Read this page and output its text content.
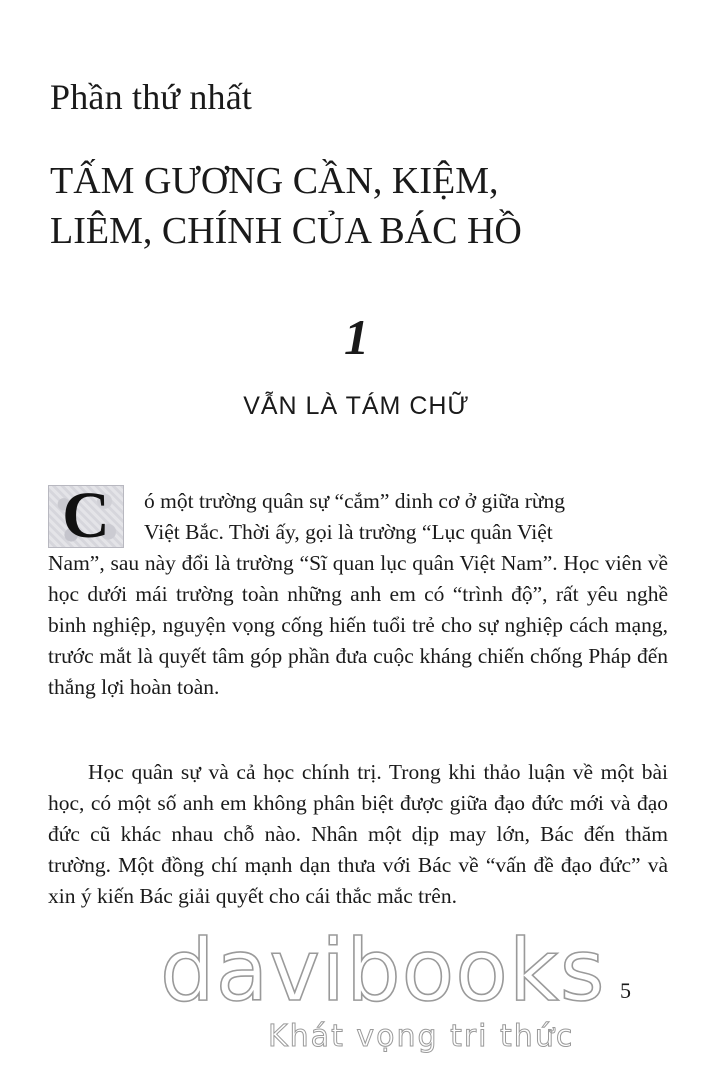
Phần thứ nhất
TẤM GƯƠNG CẦN, KIỆM,
LIÊM, CHÍNH CỦA BÁC HỒ
1
VẪN LÀ TÁM CHỮ
C	ó một trường quân sự “cắm” dinh cơ ở giữa rừng

Việt Bắc. Thời ấy, gọi là trường “Lục quân Việt

Nam”, sau này đổi là trường “Sĩ quan lục quân Việt Nam”. Học viên về học dưới mái trường toàn những anh em có “trình độ”, rất yêu nghề binh nghiệp, nguyện vọng cống hiến tuổi trẻ cho sự nghiệp cách mạng, trước mắt là quyết tâm góp phần đưa cuộc kháng chiến chống Pháp đến thắng lợi hoàn toàn.

Học quân sự và cả học chính trị. Trong khi thảo luận về một bài học, có một số anh em không phân biệt được giữa đạo đức mới và đạo đức cũ khác nhau chỗ nào. Nhân một dịp may lớn, Bác đến thăm trường. Một đồng chí mạnh dạn thưa với Bác về “vấn đề đạo đức” và xin ý kiến Bác giải quyết cho cái thắc mắc trên.

davibooks
Khát vọng tri thức
5
